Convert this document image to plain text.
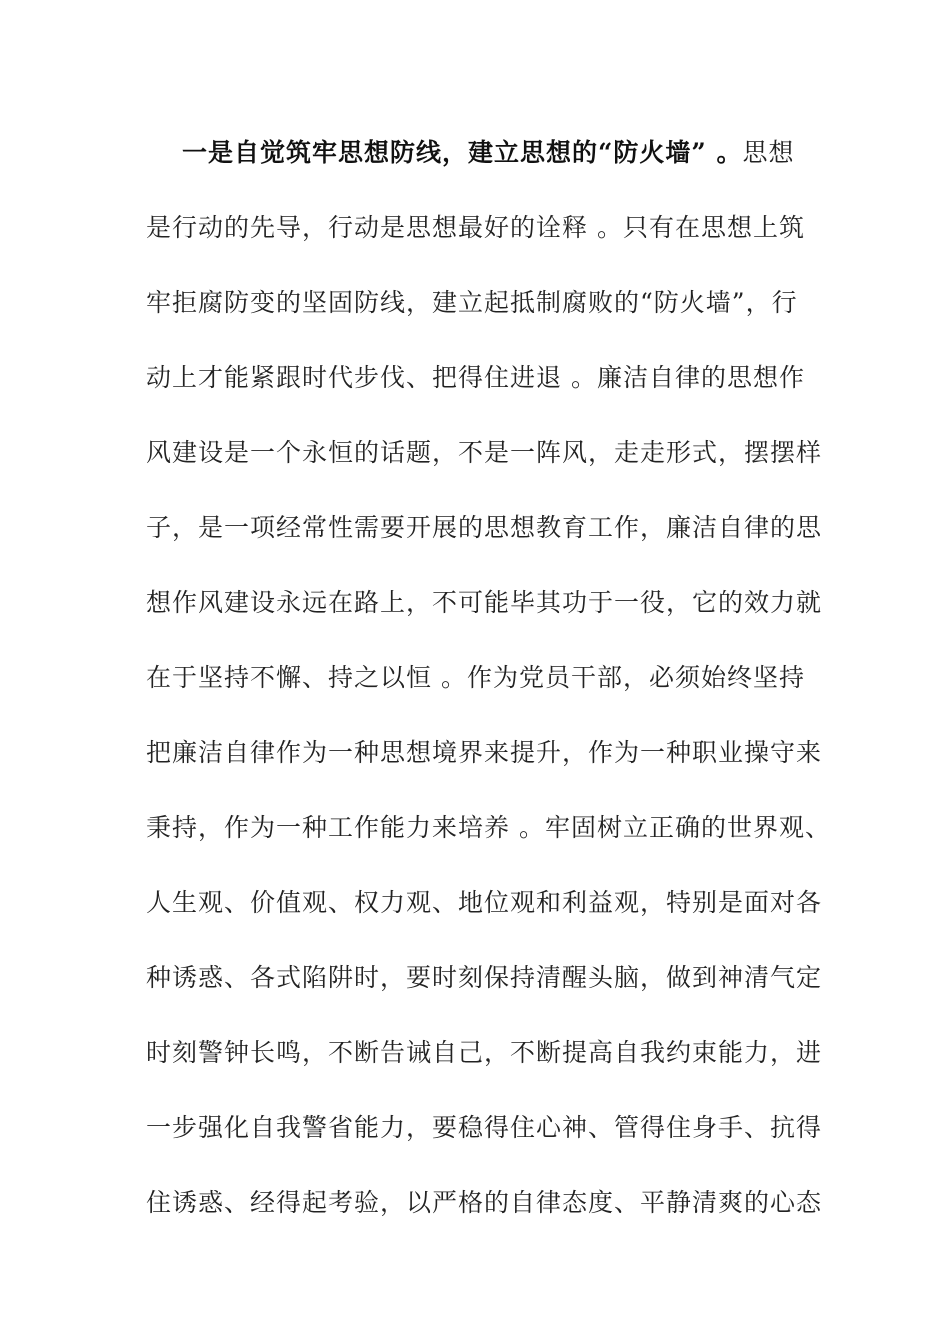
一是自觉筑牢思想防线，建立思想的“防火墙” 。思想
是行动的先导，行动是思想最好的诠释 。只有在思想上筑
牢拒腐防变的坚固防线，建立起抵制腐败的“防火墙”，行
动上才能紧跟时代步伐、把得住进退 。廉洁自律的思想作
风建设是一个永恒的话题，不是一阵风，走走形式，摆摆样
子，是一项经常性需要开展的思想教育工作，廉洁自律的思
想作风建设永远在路上，不可能毕其功于一役，它的效力就
在于坚持不懈、持之以恒 。作为党员干部，必须始终坚持
把廉洁自律作为一种思想境界来提升，作为一种职业操守来
秉持，作为一种工作能力来培养 。牢固树立正确的世界观、
人生观、价值观、权力观、地位观和利益观，特别是面对各
种诱惑、各式陷阱时，要时刻保持清醒头脑，做到神清气定
时刻警钟长鸣，不断告诫自己，不断提高自我约束能力，进
一步强化自我警省能力，要稳得住心神、管得住身手、抗得
住诱惑、经得起考验，以严格的自律态度、平静清爽的心态
